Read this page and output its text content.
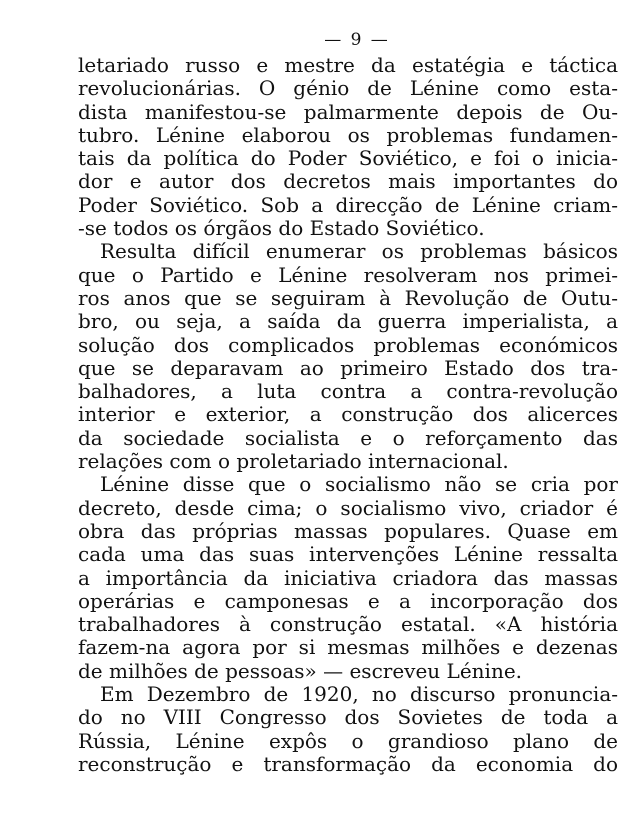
— 9 —

letariado russo e mestre da estatégia e táctica
revolucionárias. O génio de Lénine como esta-
dista manifestou-se palmarmente depois de Ou-
tubro. Lénine elaborou os problemas fundamen-
tais da política do Poder Soviético, e foi o inicia-
dor e autor dos decretos mais importantes do
Poder Soviético. Sob a direcção de Lénine criam-
-se todos os órgãos do Estado Soviético.

Resulta difícil enumerar os problemas básicos
que o Partido e Lénine resolveram nos primei-
ros anos que se seguiram à Revolução de Outu-
bro, ou seja, a saída da guerra imperialista, a
solução dos complicados problemas económicos
que se deparavam ao primeiro Estado dos tra-
balhadores, a luta contra a contra-revolução
interior e exterior, a construção dos alicerces
da sociedade socialista e o reforçamento das
relações com o proletariado internacional.

Lénine disse que o socialismo não se cria por
decreto, desde cima; o socialismo vivo, criador é
obra das próprias massas populares. Quase em
cada uma das suas intervenções Lénine ressalta
a importância da iniciativa criadora das massas
operárias e camponesas e a incorporação dos
trabalhadores à construção estatal. «A história
fazem-na agora por si mesmas milhões e dezenas
de milhões de pessoas» — escreveu Lénine.

Em Dezembro de 1920, no discurso pronuncia-
do no VIII Congresso dos Sovietes de toda a
Rússia, Lénine expôs o grandioso plano de
reconstrução e transformação da economia do
